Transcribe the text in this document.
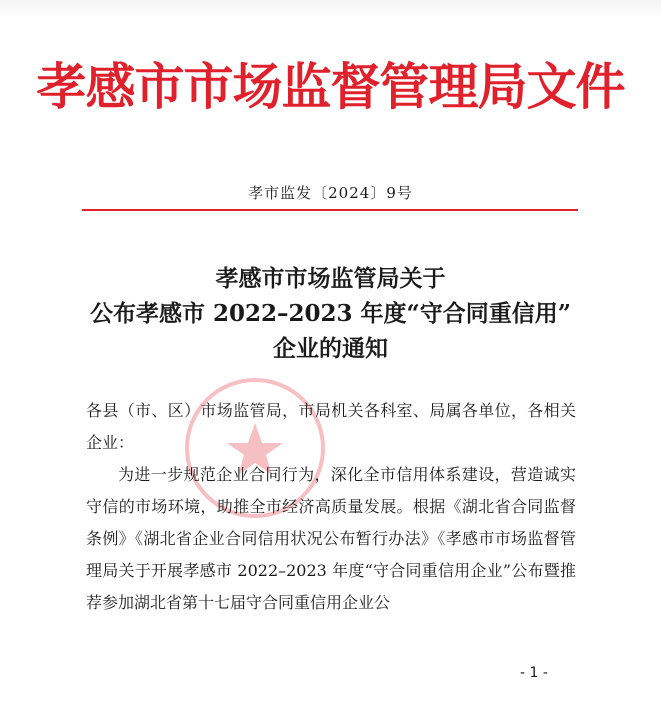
孝感市市场监督管理局文件
孝市监发〔2024〕9号
孝感市市场监管局关于
公布孝感市 2022–2023 年度“守合同重信用”
企业的通知

各县（市、区）市场监管局，市局机关各科室、局属各单位，各相关企业：

为进一步规范企业合同行为，深化全市信用体系建设，营造诚实守信的市场环境，助推全市经济高质量发展。根据《湖北省合同监督条例》《湖北省企业合同信用状况公布暂行办法》《孝感市市场监督管理局关于开展孝感市 2022–2023 年度“守合同重信用企业”公布暨推荐参加湖北省第十七届守合同重信用企业公

- 1 -
